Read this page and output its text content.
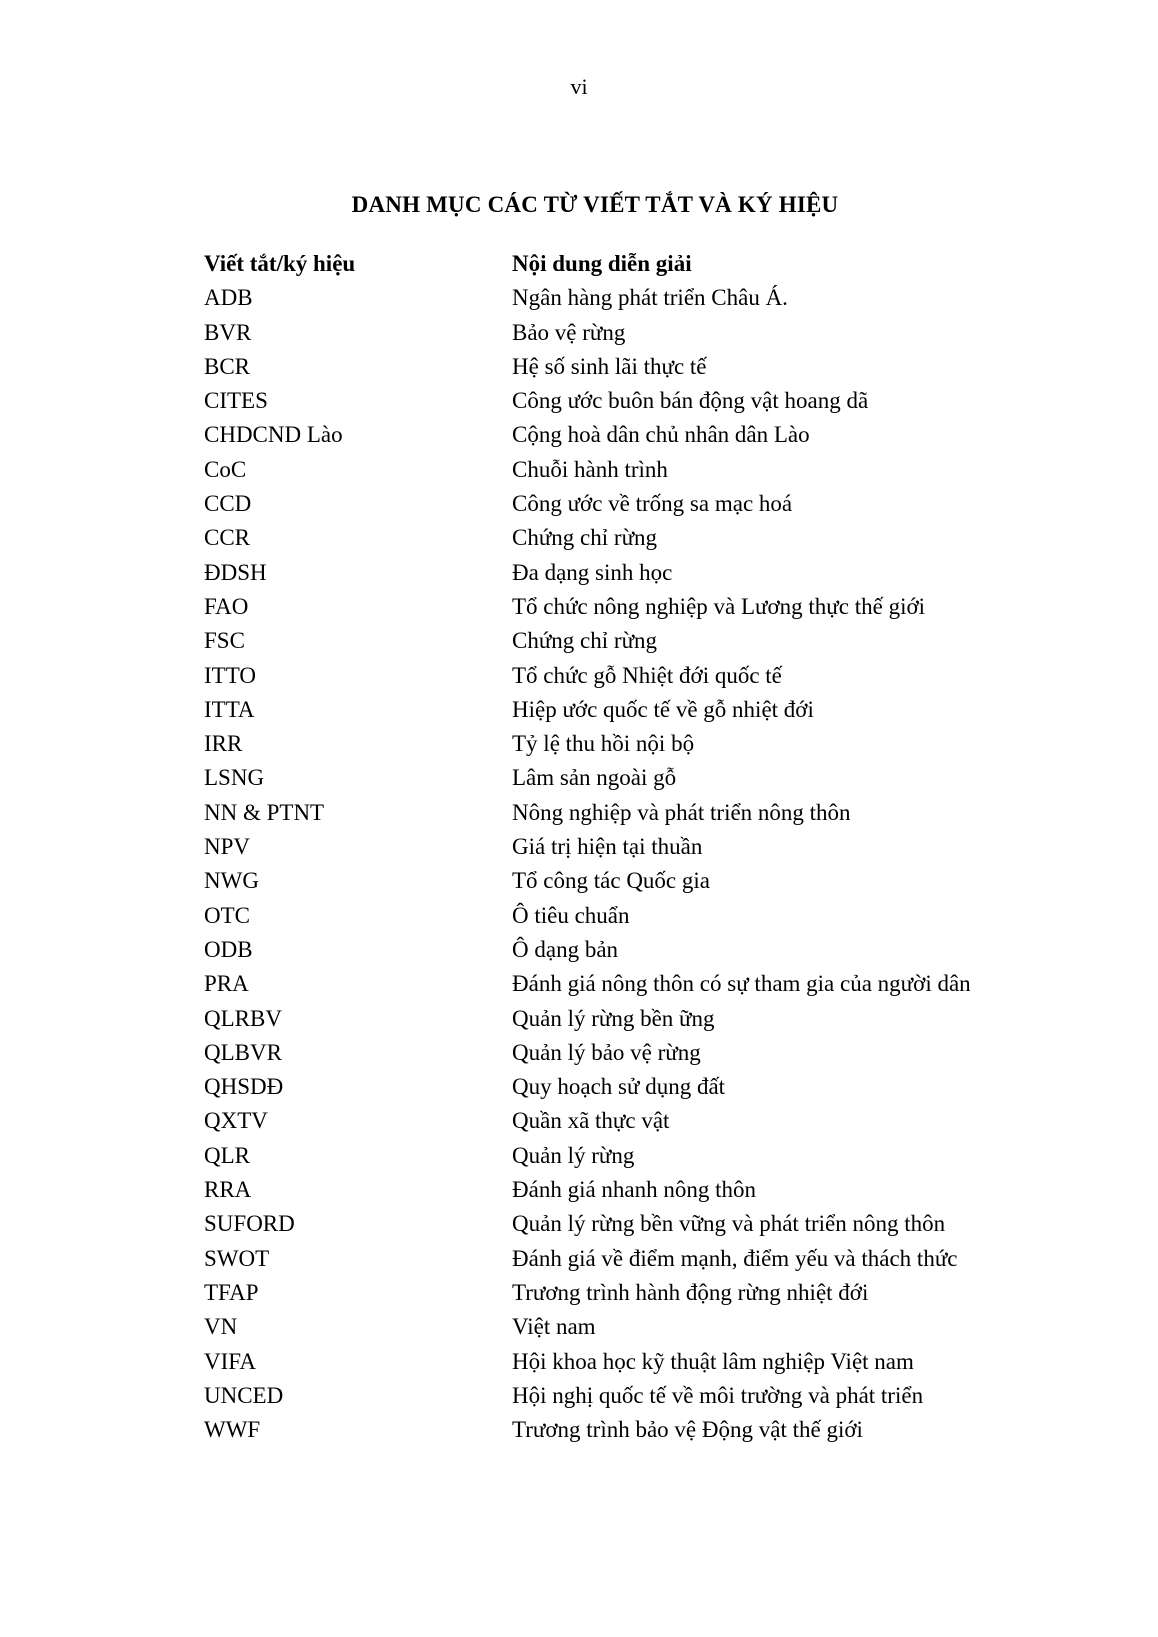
vi
DANH MỤC CÁC TỪ VIẾT TẮT VÀ KÝ HIỆU
Viết tắt/ký hiệu	Nội dung diễn giải
ADB	Ngân hàng phát triển Châu Á.
BVR	Bảo vệ rừng
BCR	Hệ số sinh lãi thực tế
CITES	Công ước buôn bán động vật hoang dã
CHDCND Lào	Cộng hoà dân chủ nhân dân Lào
CoC	Chuỗi hành trình
CCD	Công ước về trống sa mạc hoá
CCR	Chứng chỉ rừng
ĐDSH	Đa dạng sinh học
FAO	Tổ chức nông nghiệp và Lương thực thế giới
FSC	Chứng chỉ rừng
ITTO	Tổ chức gỗ Nhiệt đới quốc tế
ITTA	Hiệp ước quốc tế về gỗ nhiệt đới
IRR	Tỷ lệ thu hồi nội bộ
LSNG	Lâm sản ngoài gỗ
NN & PTNT	Nông nghiệp và phát triển nông thôn
NPV	Giá trị hiện tại thuần
NWG	Tổ công tác Quốc gia
OTC	Ô tiêu chuẩn
ODB	Ô dạng bản
PRA	Đánh giá nông thôn có sự tham gia của người dân
QLRBV	Quản lý rừng bền ững
QLBVR	Quản lý bảo vệ rừng
QHSDĐ	Quy hoạch sử dụng đất
QXTV	Quần xã thực vật
QLR	Quản lý rừng
RRA	Đánh giá nhanh nông thôn
SUFORD	Quản lý rừng bền vững và phát triển nông thôn
SWOT	Đánh giá về điểm mạnh, điểm yếu và thách thức
TFAP	Trương trình hành động rừng nhiệt đới
VN	Việt nam
VIFA	Hội khoa học kỹ thuật lâm nghiệp Việt nam
UNCED	Hội nghị quốc tế về môi trường và phát triển
WWF	Trương trình bảo vệ Động vật thế giới
